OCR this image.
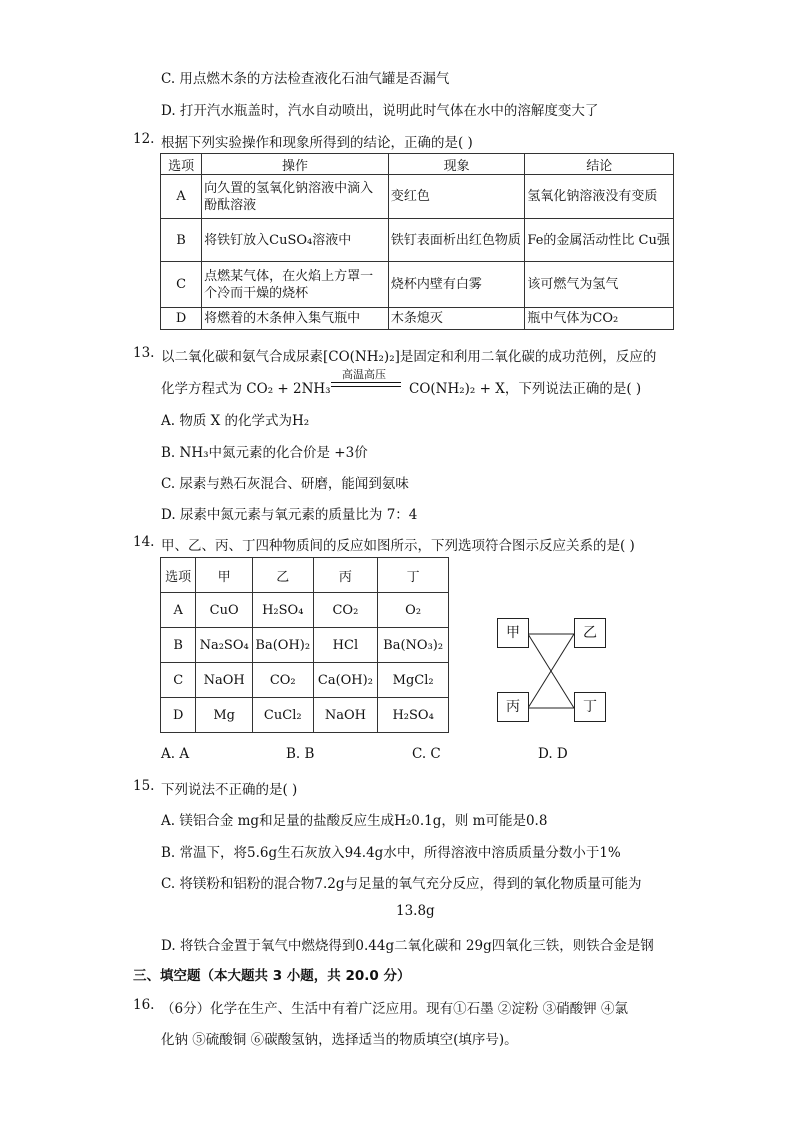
C. 用点燃木条的方法检查液化石油气罐是否漏气
D. 打开汽水瓶盖时，汽水自动喷出，说明此时气体在水中的溶解度变大了
12. 根据下列实验操作和现象所得到的结论，正确的是( )
选项	操作	现象	结论
A	向久置的氢氧化钠溶液中滴入酚酞溶液	变红色	氢氧化钠溶液没有变质
B	将铁钉放入CuSO₄溶液中	铁钉表面析出红色物质	Fe的金属活动性比 Cu强
C	点燃某气体，在火焰上方罩一个冷而干燥的烧杯	烧杯内壁有白雾	该可燃气为氢气
D	将燃着的木条伸入集气瓶中	木条熄灭	瓶中气体为CO₂
13. 以二氧化碳和氨气合成尿素[CO(NH₂)₂]是固定和利用二氧化碳的成功范例，反应的
化学方程式为 CO₂ + 2NH₃
高温高压
CO(NH₂)₂ + X，下列说法正确的是( )
A. 物质 X 的化学式为H₂
B. NH₃中氮元素的化合价是 +3价
C. 尿素与熟石灰混合、研磨，能闻到氨味
D. 尿素中氮元素与氧元素的质量比为 7：4
14. 甲、乙、丙、丁四种物质间的反应如图所示，下列选项符合图示反应关系的是( )
选项	甲	乙	丙	丁
A	CuO	H₂SO₄	CO₂	O₂
B	Na₂SO₄	Ba(OH)₂	HCl	Ba(NO₃)₂
C	NaOH	CO₂	Ca(OH)₂	MgCl₂
D	Mg	CuCl₂	NaOH	H₂SO₄
甲	乙
丙	丁
A. A	B. B	C. C	D. D
15. 下列说法不正确的是( )
A. 镁铝合金 mg和足量的盐酸反应生成H₂0.1g，则 m可能是0.8
B. 常温下，将5.6g生石灰放入94.4g水中，所得溶液中溶质质量分数小于1%
C. 将镁粉和铝粉的混合物7.2g与足量的氧气充分反应，得到的氧化物质量可能为
13.8g
D. 将铁合金置于氧气中燃烧得到0.44g二氧化碳和 29g四氧化三铁，则铁合金是钢
三、填空题（本大题共 3 小题，共 20.0 分）
16. （6分）化学在生产、生活中有着广泛应用。现有①石墨 ②淀粉 ③硝酸钾 ④氯
化钠 ⑤硫酸铜 ⑥碳酸氢钠，选择适当的物质填空(填序号)。
